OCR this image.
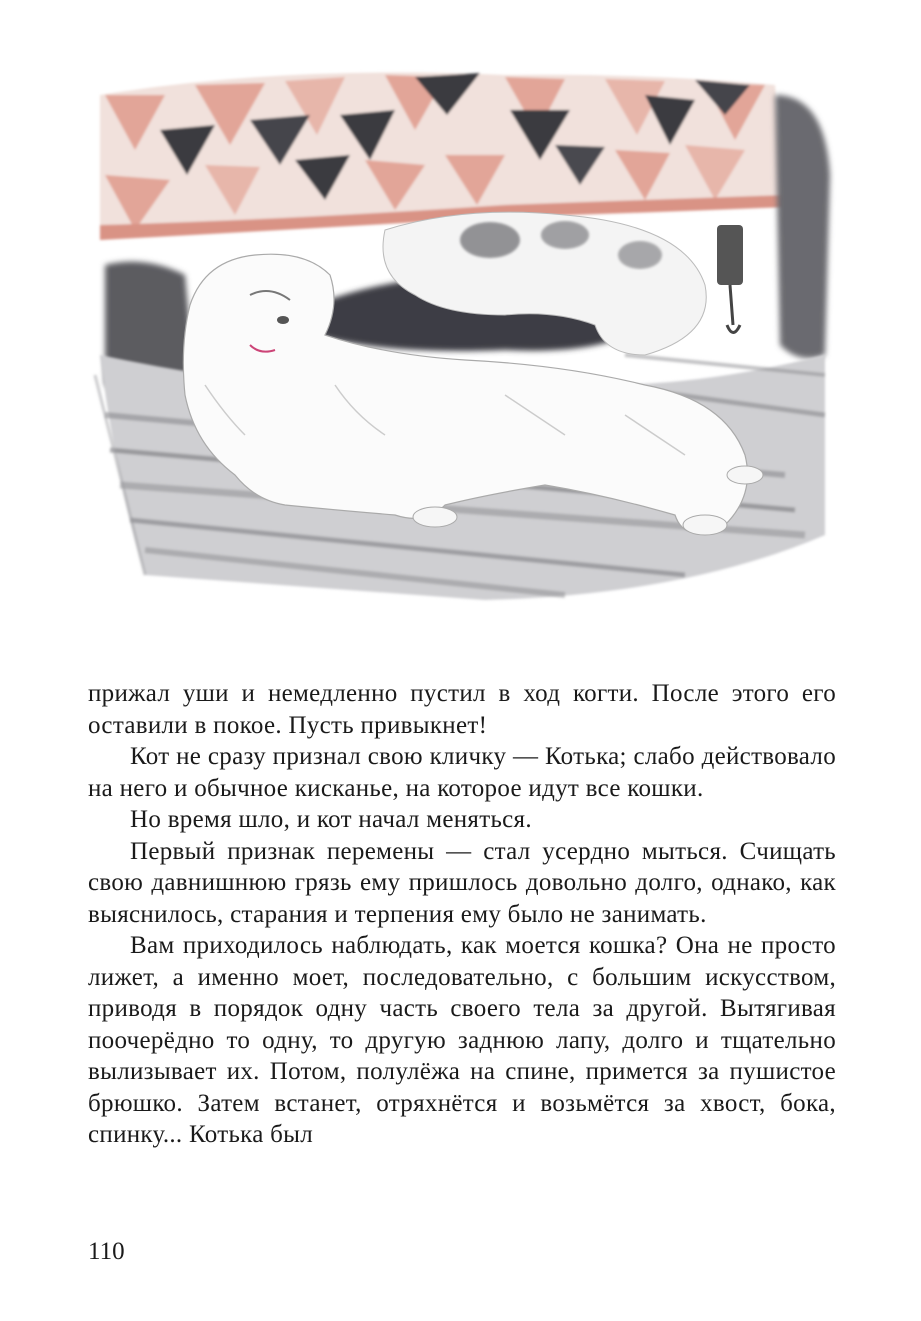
прижал уши и немедленно пустил в ход когти. После этого его оставили в покое. Пусть привыкнет!

Кот не сразу признал свою кличку — Котька; слабо действовало на него и обычное кисканье, на которое идут все кошки.

Но время шло, и кот начал меняться.

Первый признак перемены — стал усердно мыться. Счищать свою давнишнюю грязь ему пришлось довольно долго, однако, как выяснилось, старания и терпения ему было не занимать.

Вам приходилось наблюдать, как моется кошка? Она не просто лижет, а именно моет, последовательно, с большим искусством, приводя в порядок одну часть своего тела за другой. Вытягивая поочерёдно то одну, то другую заднюю лапу, долго и тщательно вылизывает их. Потом, полулёжа на спине, примется за пушистое брюшко. Затем встанет, отряхнётся и возьмётся за хвост, бока, спинку... Котька был

110
